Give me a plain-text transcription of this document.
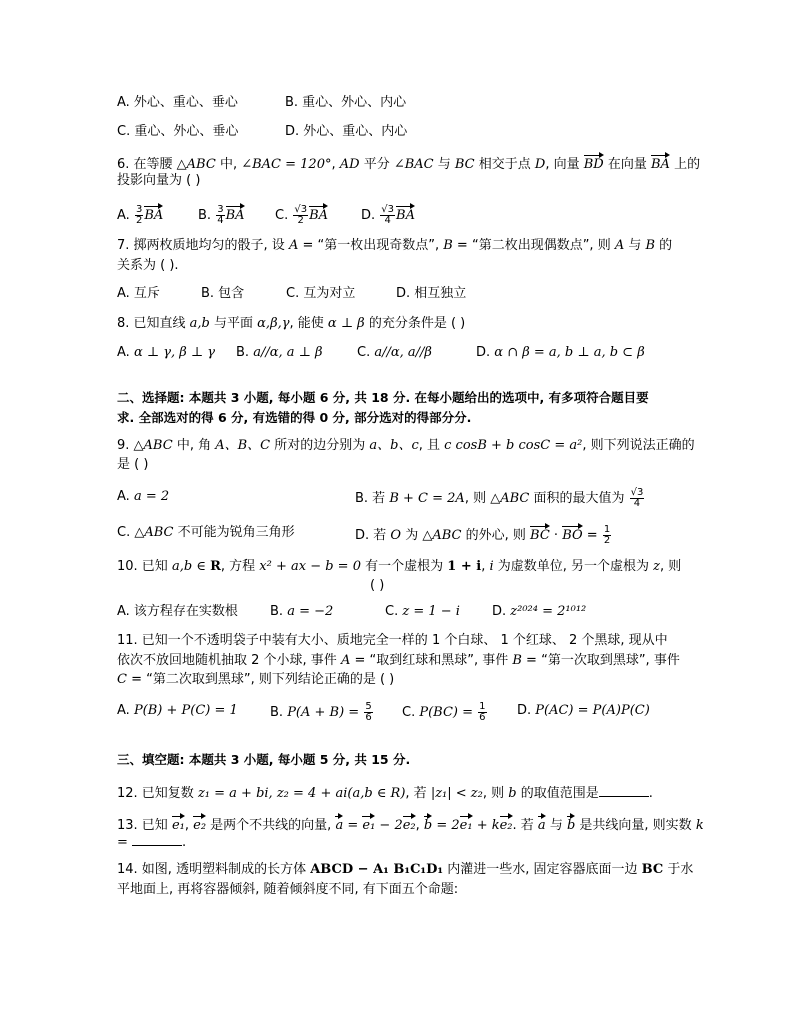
A. 外心、重心、垂心	B. 重心、外心、内心
C. 重心、外心、垂心	D. 外心、重心、内心
6. 在等腰 △ABC 中, ∠BAC = 120°, AD 平分 ∠BAC 与 BC 相交于点 D, 向量 BD 在向量 BA 上的
投影向量为 ( )
A. $\frac{3}{2}$ BA	B. $\frac{3}{4}$ BA C. $\frac{√3}{2}$ BA	D. $\frac{√3}{4}$ BA
7. 掷两枚质地均匀的骰子, 设 A = “第一枚出现奇数点”, B = “第二枚出现偶数点”, 则 A 与 B 的
关系为 ( ).
A. 互斥	B. 包含	C. 互为对立	D. 相互独立
8. 已知直线 a,b 与平面 α,β,γ, 能使 α ⊥ β 的充分条件是 ( )
A. α ⊥ γ, β ⊥ γ B. a//α, a ⊥ β	C. a//α, a//β	D. α ∩ β = a, b ⊥ a, b ⊂ β
二、选择题: 本题共 3 小题, 每小题 6 分, 共 18 分. 在每小题给出的选项中, 有多项符合题目要
求. 全部选对的得 6 分, 有选错的得 0 分, 部分选对的得部分分.
9. △ABC 中, 角 A、B、C 所对的边分别为 a、b、c, 且 c cosB + b cosC = a², 则下列说法正确的
是 ( )
A. a = 2	B. 若 B + C = 2A, 则 △ABC 面积的最大值为 $\frac{√3}{4}$
C. △ABC 不可能为锐角三角形	D. 若 O 为 △ABC 的外心, 则 BC · BO = $\frac{1}{2}$
10. 已知 a,b ∈ R, 方程 x² + ax − b = 0 有一个虚根为 1 + i, i 为虚数单位, 另一个虚根为 z, 则
( )
A. 该方程存在实数根 B. a = −2	C. z = 1 − i D. z²⁰²⁴ = 2¹⁰¹²
11. 已知一个不透明袋子中装有大小、质地完全一样的 1 个白球、 1 个红球、 2 个黑球, 现从中
依次不放回地随机抽取 2 个小球, 事件 A = “取到红球和黑球”, 事件 B = “第一次取到黑球”, 事件
C = “第二次取到黑球”, 则下列结论正确的是 ( )
A. P(B) + P(C) = 1 B. $P(A + B) = \frac{5}{6} C$. $P(BC) = \frac{1}{6} D$. P(AC) = P(A)P(C)
三、填空题: 本题共 3 小题, 每小题 5 分, 共 15 分.
12. 已知复数 z₁ = a + bi, z₂ = 4 + ai(a,b ∈ R), 若 |z₁| < z₂, 则 b 的取值范围是	.
13. 已知 e₁, e₂ 是两个不共线的向量, a = e₁ − 2e₂, b = 2e₁ + ke₂. 若 a 与 b 是共线向量, 则实数 k
=	.
14. 如图, 透明塑料制成的长方体 ABCD − A₁ B₁C₁D₁ 内灌进一些水, 固定容器底面一边 BC 于水
平地面上, 再将容器倾斜, 随着倾斜度不同, 有下面五个命题:
